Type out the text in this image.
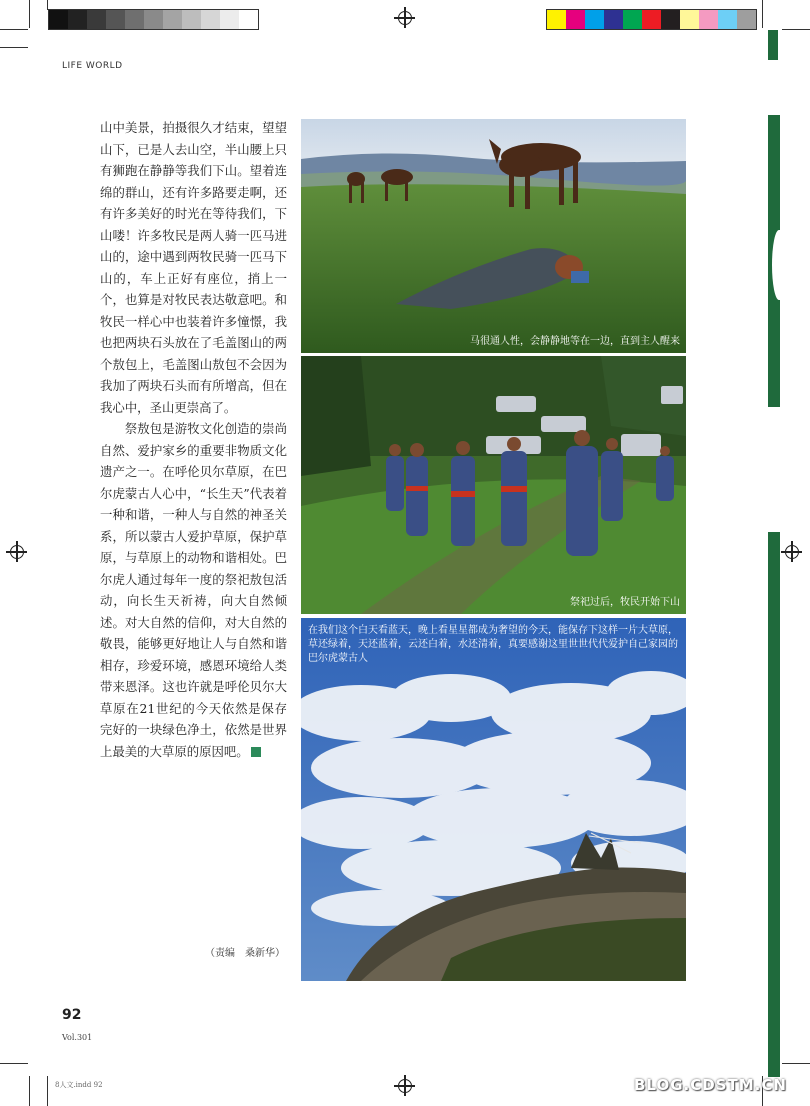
LIFE WORLD

山中美景，拍摄很久才结束，望望山下，已是人去山空，半山腰上只有狮跑在静静等我们下山。望着连绵的群山，还有许多路要走啊，还有许多美好的时光在等待我们，下山喽！许多牧民是两人骑一匹马进山的，途中遇到两牧民骑一匹马下山的，车上正好有座位，捎上一个，也算是对牧民表达敬意吧。和牧民一样心中也装着许多憧憬，我也把两块石头放在了毛盖图山的两个敖包上，毛盖图山敖包不会因为我加了两块石头而有所增高，但在我心中，圣山更崇高了。

祭敖包是游牧文化创造的崇尚自然、爱护家乡的重要非物质文化遗产之一。在呼伦贝尔草原，在巴尔虎蒙古人心中，“长生天”代表着一种和谐，一种人与自然的神圣关系，所以蒙古人爱护草原，保护草原，与草原上的动物和谐相处。巴尔虎人通过每年一度的祭祀敖包活动，向长生天祈祷，向大自然倾述。对大自然的信仰，对大自然的敬畏，能够更好地让人与自然和谐相存，珍爱环境，感恩环境给人类带来恩泽。这也许就是呼伦贝尔大草原在21世纪的今天依然是保存完好的一块绿色净土，依然是世界上最美的大草原的原因吧。

（责编　桑新华）
马很通人性，会静静地等在一边，直到主人醒来
祭祀过后，牧民开始下山
在我们这个白天看蓝天，晚上看星星都成为奢望的今天，能保存下这样一片大草原，草还绿着，天还蓝着，云还白着，水还清着，真要感谢这里世世代代爱护自己家园的巴尔虎蒙古人
92
Vol.301
8人文.indd 92	BLOG.CDSTM.CN
